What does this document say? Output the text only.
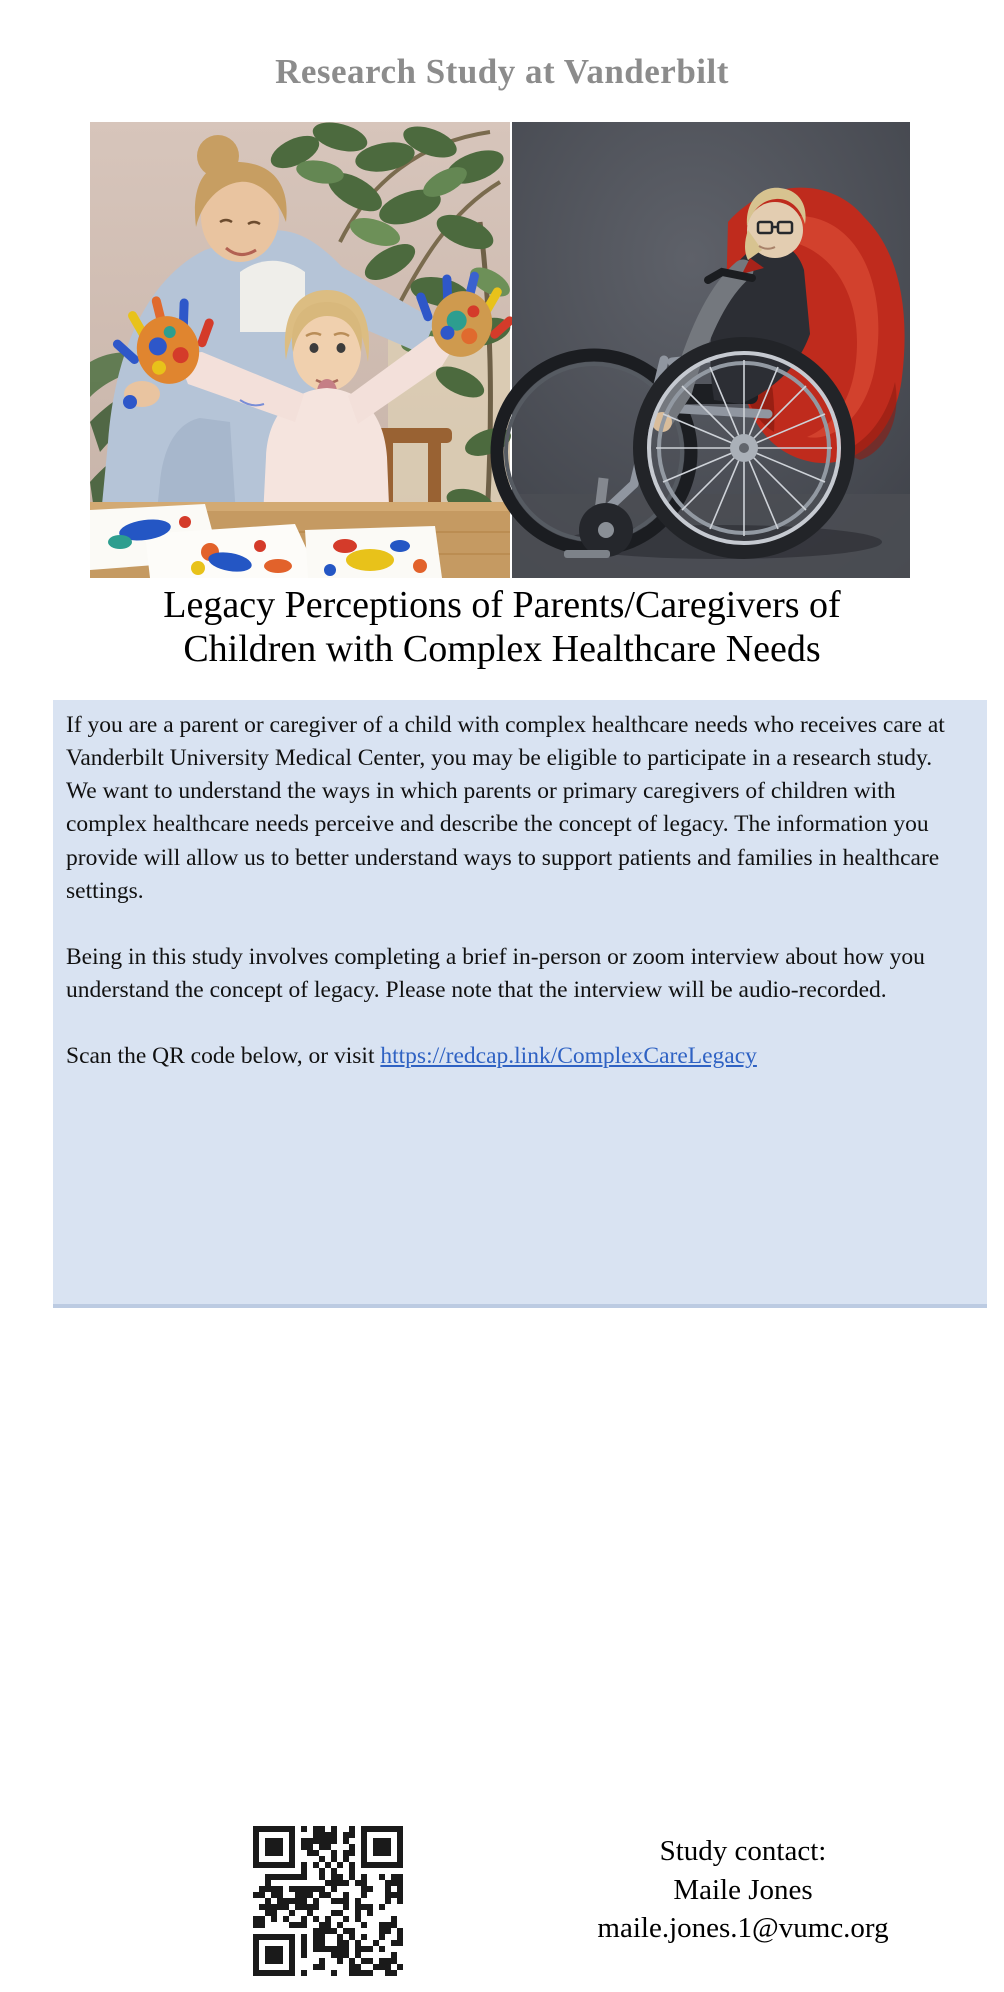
Research Study at Vanderbilt
Legacy Perceptions of Parents/Caregivers of
Children with Complex Healthcare Needs

If you are a parent or caregiver of a child with complex healthcare needs who receives care at Vanderbilt University Medical Center, you may be eligible to participate in a research study. We want to understand the ways in which parents or primary caregivers of children with complex healthcare needs perceive and describe the concept of legacy. The information you provide will allow us to better understand ways to support patients and families in healthcare settings.

Being in this study involves completing a brief in-person or zoom interview about how you understand the concept of legacy. Please note that the interview will be audio-recorded.

Scan the QR code below, or visit https://redcap.link/ComplexCareLegacy

Study contact:
Maile Jones
maile.jones.1@vumc.org
